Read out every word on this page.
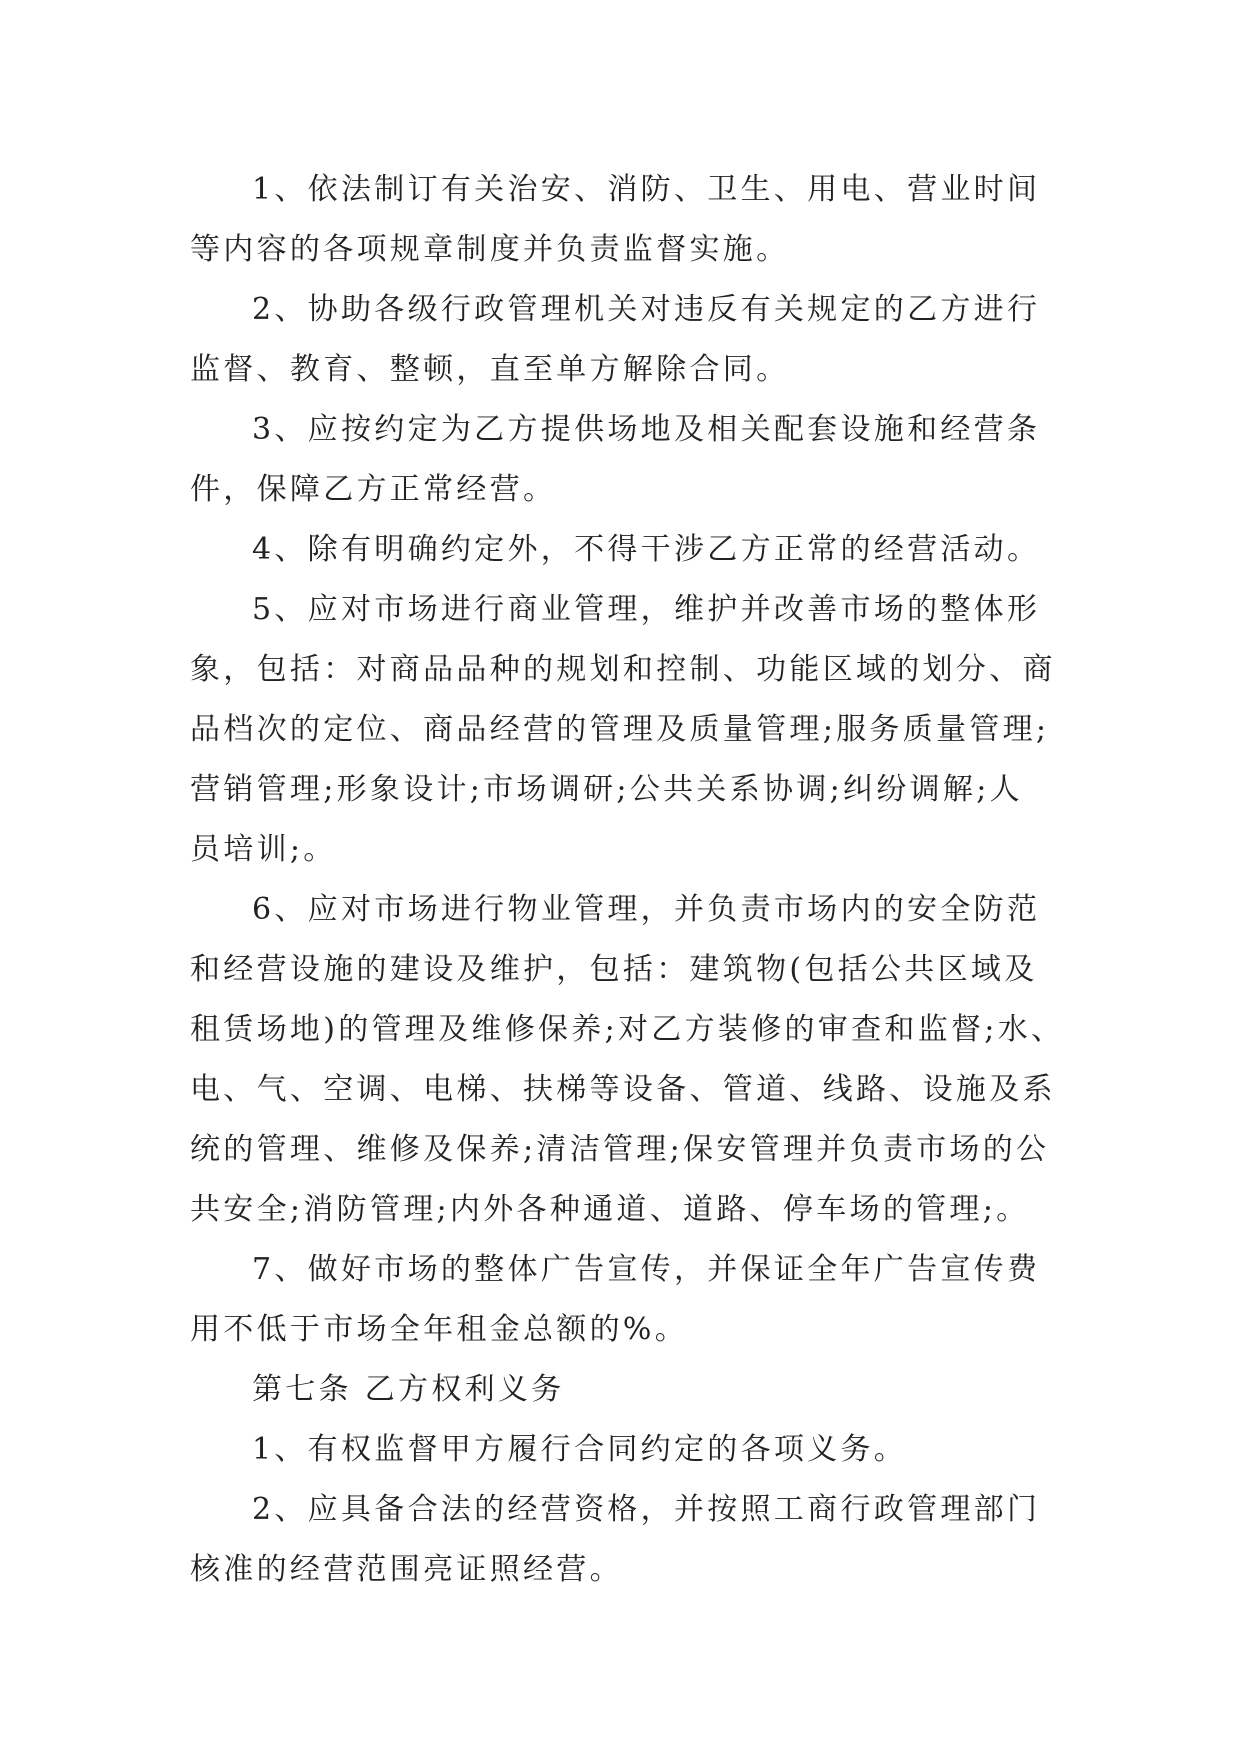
1、依法制订有关治安、消防、卫生、用电、营业时间
等内容的各项规章制度并负责监督实施。
2、协助各级行政管理机关对违反有关规定的乙方进行
监督、教育、整顿，直至单方解除合同。
3、应按约定为乙方提供场地及相关配套设施和经营条
件，保障乙方正常经营。
4、除有明确约定外，不得干涉乙方正常的经营活动。
5、应对市场进行商业管理，维护并改善市场的整体形
象，包括：对商品品种的规划和控制、功能区域的划分、商
品档次的定位、商品经营的管理及质量管理;服务质量管理;
营销管理;形象设计;市场调研;公共关系协调;纠纷调解;人
员培训;。
6、应对市场进行物业管理，并负责市场内的安全防范
和经营设施的建设及维护，包括：建筑物(包括公共区域及
租赁场地)的管理及维修保养;对乙方装修的审查和监督;水、
电、气、空调、电梯、扶梯等设备、管道、线路、设施及系
统的管理、维修及保养;清洁管理;保安管理并负责市场的公
共安全;消防管理;内外各种通道、道路、停车场的管理;。
7、做好市场的整体广告宣传，并保证全年广告宣传费
用不低于市场全年租金总额的%。
第七条 乙方权利义务
1、有权监督甲方履行合同约定的各项义务。
2、应具备合法的经营资格，并按照工商行政管理部门
核准的经营范围亮证照经营。
